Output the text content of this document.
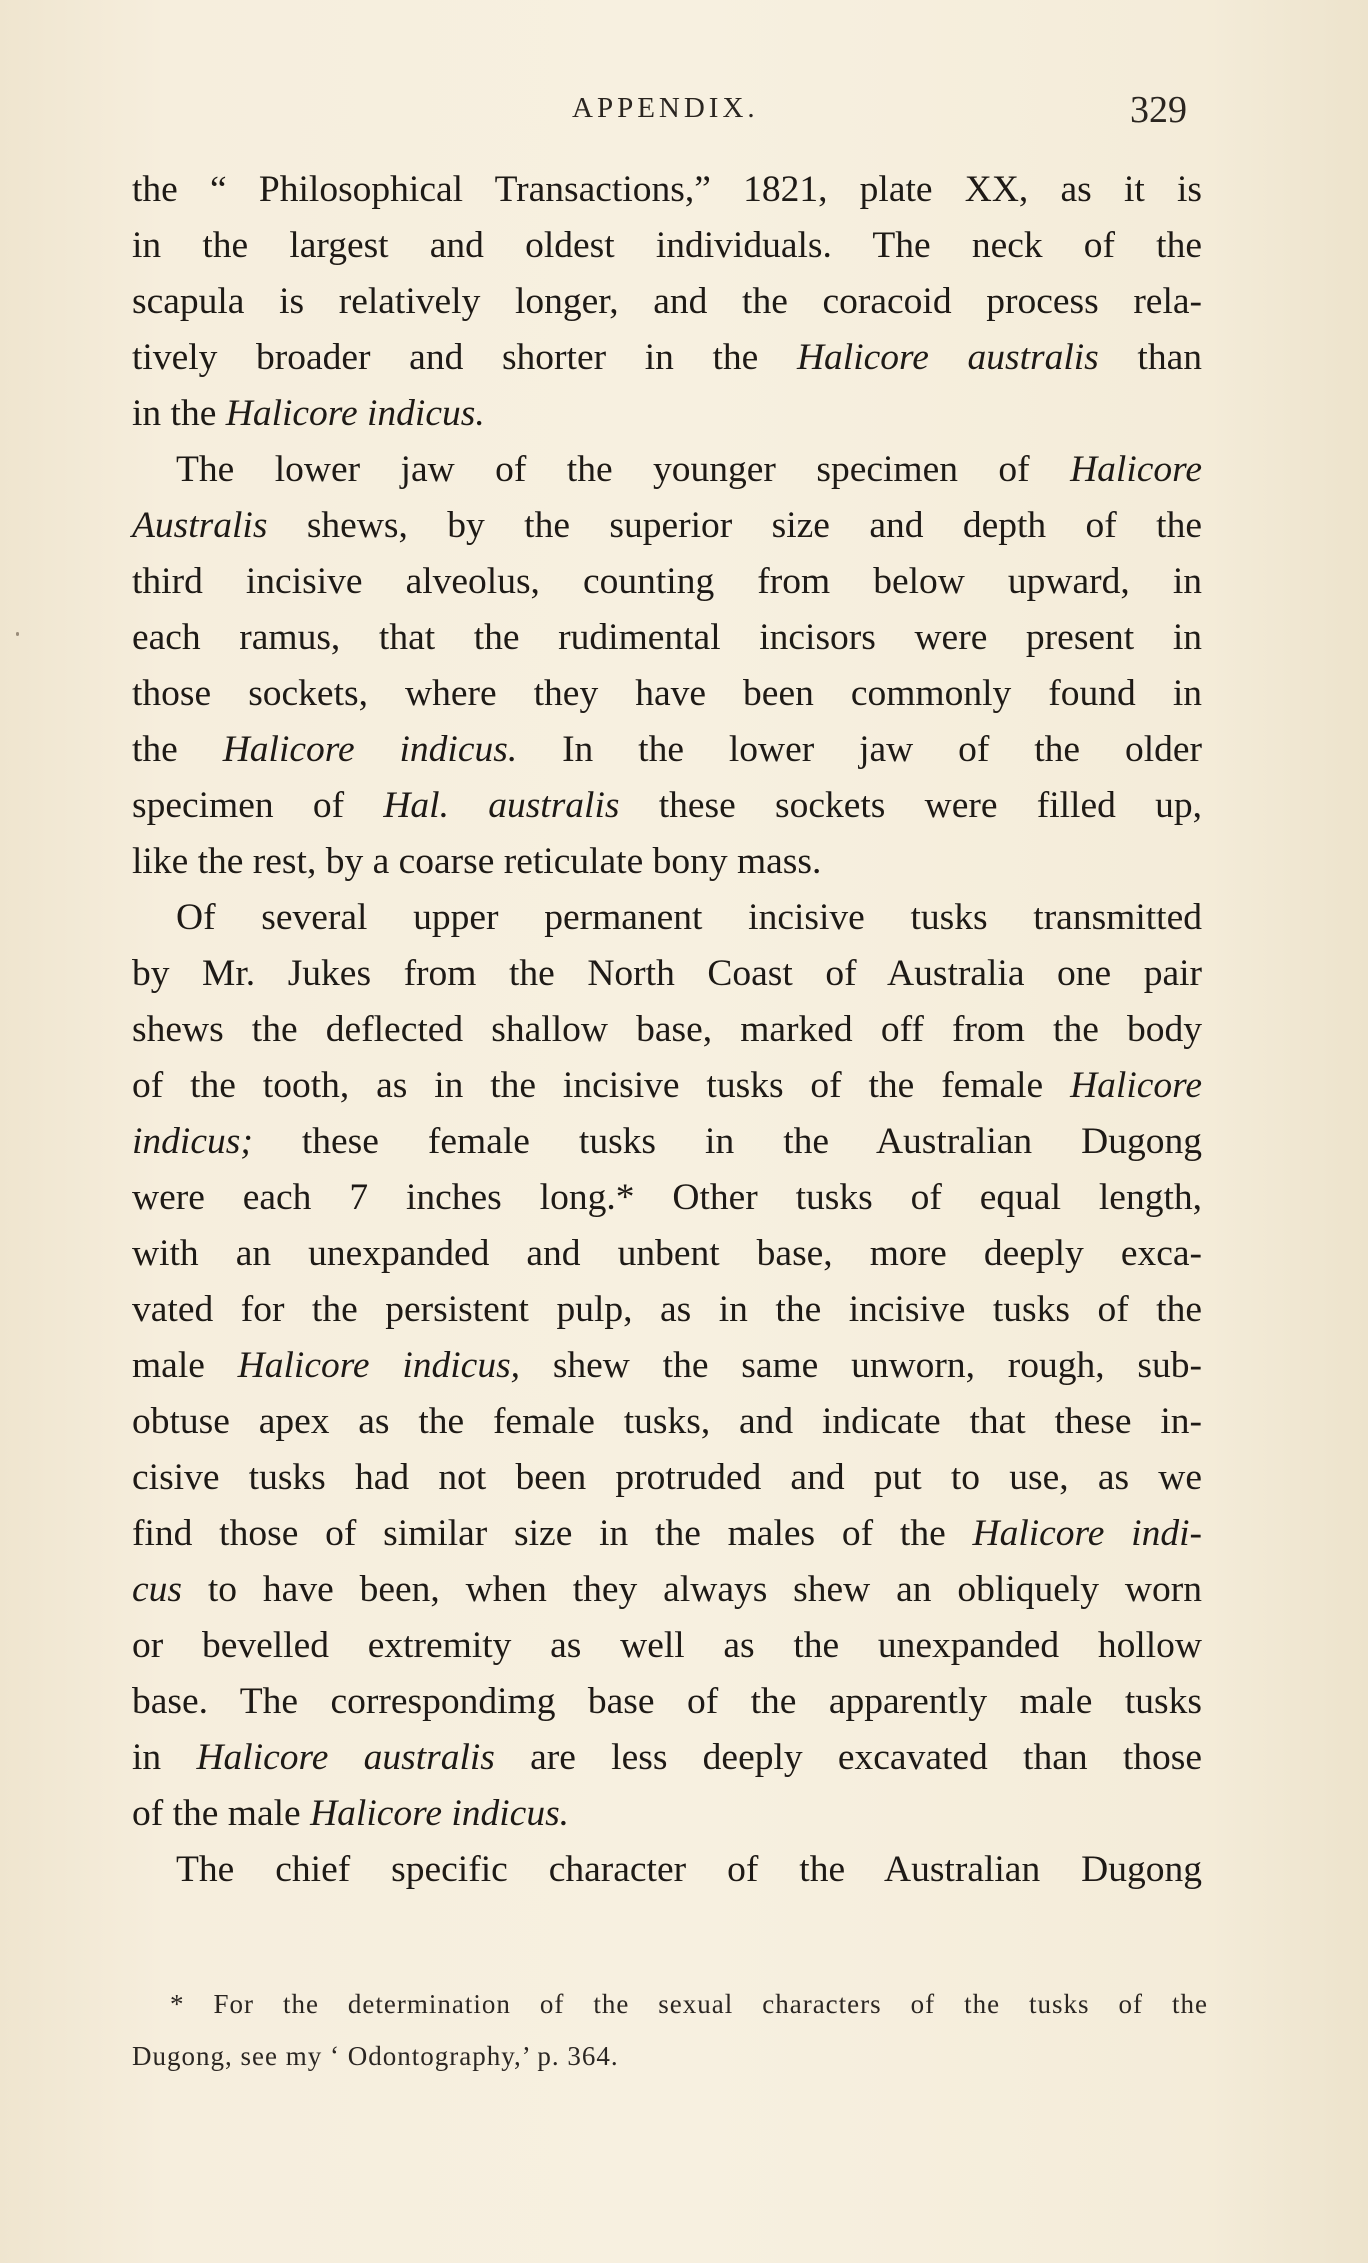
APPENDIX.	329
the “ Philosophical Transactions,” 1821, plate XX, as it is
in the largest and oldest individuals. The neck of the
scapula is relatively longer, and the coracoid process rela-
tively broader and shorter in the Halicore australis than
in the Halicore indicus.
The lower jaw of the younger specimen of Halicore
Australis shews, by the superior size and depth of the
third incisive alveolus, counting from below upward, in
each ramus, that the rudimental incisors were present in
those sockets, where they have been commonly found in
the Halicore indicus. In the lower jaw of the older
specimen of Hal. australis these sockets were filled up,
like the rest, by a coarse reticulate bony mass.
Of several upper permanent incisive tusks transmitted
by Mr. Jukes from the North Coast of Australia one pair
shews the deflected shallow base, marked off from the body
of the tooth, as in the incisive tusks of the female Halicore
indicus; these female tusks in the Australian Dugong
were each 7 inches long.* Other tusks of equal length,
with an unexpanded and unbent base, more deeply exca-
vated for the persistent pulp, as in the incisive tusks of the
male Halicore indicus, shew the same unworn, rough, sub-
obtuse apex as the female tusks, and indicate that these in-
cisive tusks had not been protruded and put to use, as we
find those of similar size in the males of the Halicore indi-
cus to have been, when they always shew an obliquely worn
or bevelled extremity as well as the unexpanded hollow
base. The correspondimg base of the apparently male tusks
in Halicore australis are less deeply excavated than those
of the male Halicore indicus.
The chief specific character of the Australian Dugong
* For the determination of the sexual characters of the tusks of the
Dugong, see my ‘ Odontography,’ p. 364.
